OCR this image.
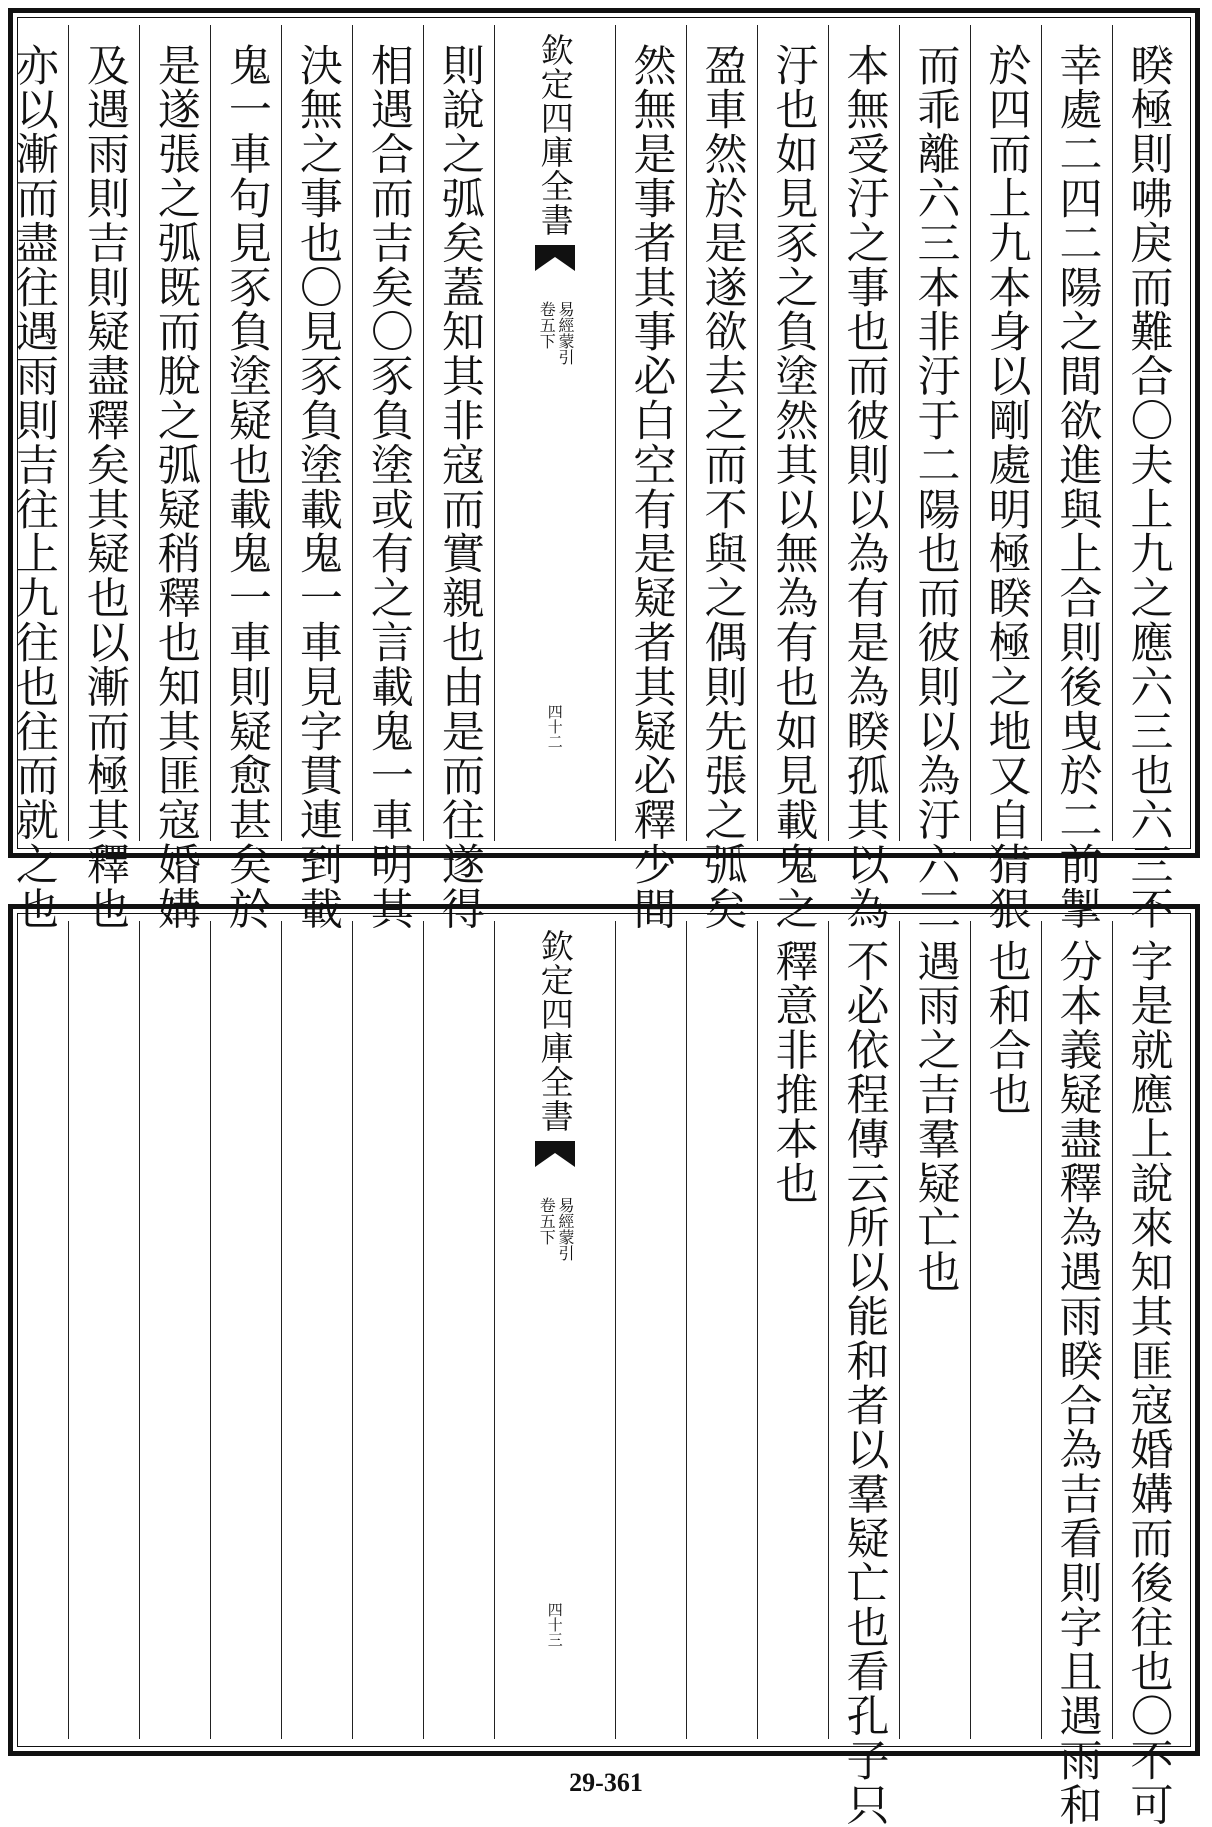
睽極則咈戾而難合〇夫上九之應六三也六三不
幸處二四二陽之間欲進與上合則後曳於二前掣
於四而上九本身以剛處明極睽極之地又自猜狠
而乖離六三本非汙于二陽也而彼則以為汙六三
本無受汙之事也而彼則以為有是為睽孤其以為
汙也如見豕之負塗然其以無為有也如見載鬼之
盈車然於是遂欲去之而不與之偶則先張之弧矣
然無是事者其事必白空有是疑者其疑必釋少間
欽定四庫全書
易經蒙引
卷五下
四十二
則說之弧矣蓋知其非寇而實親也由是而往遂得
相遇合而吉矣〇豕負塗或有之言載鬼一車明其
決無之事也〇見豕負塗載鬼一車見字貫連到載
鬼一車句見豕負塗疑也載鬼一車則疑愈甚矣於
是遂張之弧既而脫之弧疑稍釋也知其匪寇婚媾
及遇雨則吉則疑盡釋矣其疑也以漸而極其釋也
亦以漸而盡往遇雨則吉往上九往也往而就之也
字是就應上說來知其匪寇婚媾而後往也〇不可
分本義疑盡釋為遇雨睽合為吉看則字且遇雨和
也和合也
遇雨之吉羣疑亡也
不必依程傳云所以能和者以羣疑亡也看孔子只
釋意非推本也
欽定四庫全書
易經蒙引
卷五下
四十三
29-361
